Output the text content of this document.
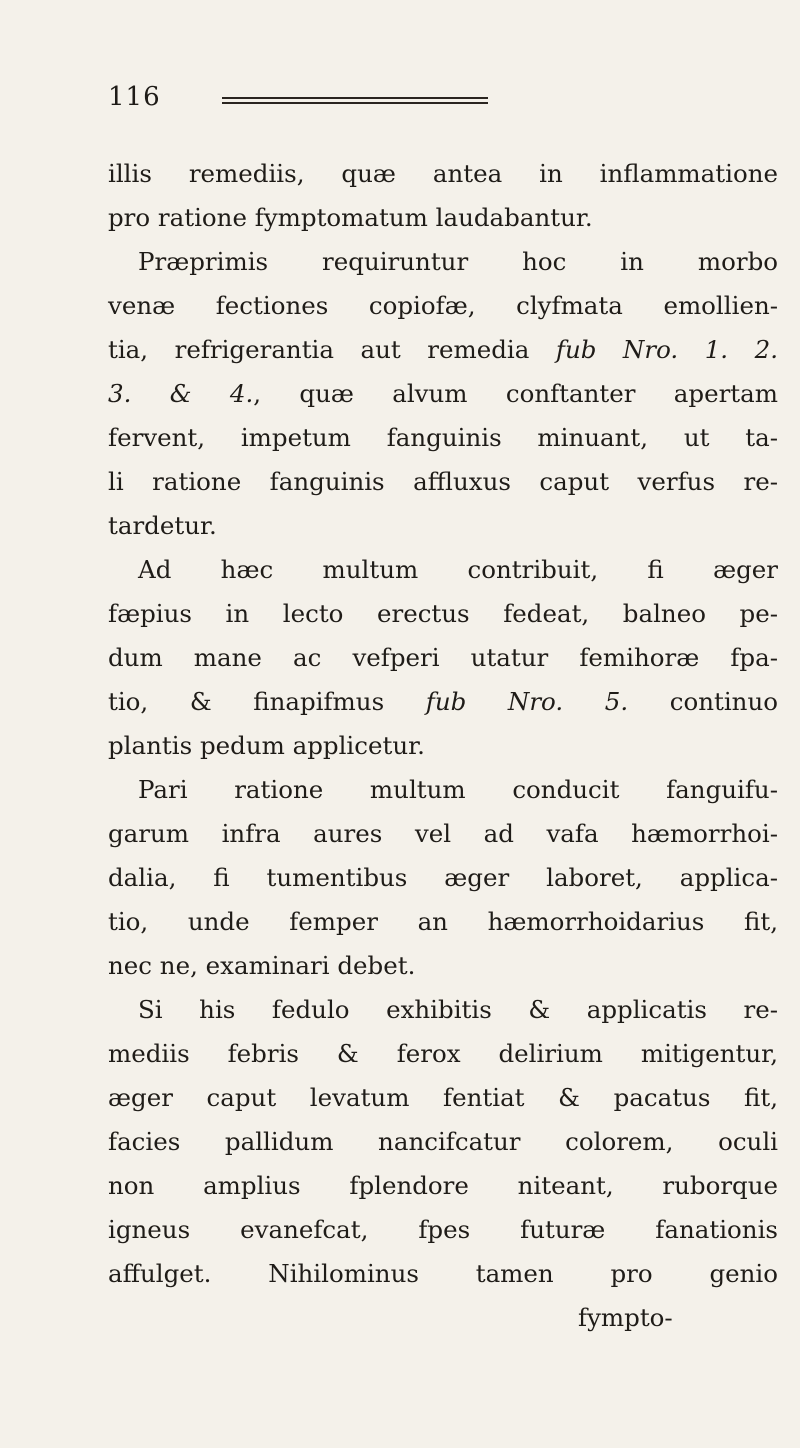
116
illis remediis, quæ antea in inflammatione
pro ratione fymptomatum laudabantur.
Præprimis requiruntur hoc in morbo
venæ fectiones copiofæ, clyfmata emollien-
tia, refrigerantia aut remedia fub Nro. 1. 2.
3. & 4., quæ alvum conftanter apertam
fervent, impetum fanguinis minuant, ut ta-
li ratione fanguinis affluxus caput verfus re-
tardetur.
Ad hæc multum contribuit, fi æger
fæpius in lecto erectus fedeat, balneo pe-
dum mane ac vefperi utatur femihoræ fpa-
tio, & finapifmus fub Nro. 5. continuo
plantis pedum applicetur.
Pari ratione multum conducit fanguifu-
garum infra aures vel ad vafa hæmorrhoi-
dalia, fi tumentibus æger laboret, applica-
tio, unde femper an hæmorrhoidarius fit,
nec ne, examinari debet.
Si his fedulo exhibitis & applicatis re-
mediis febris & ferox delirium mitigentur,
æger caput levatum fentiat & pacatus fit,
facies pallidum nancifcatur colorem, oculi
non amplius fplendore niteant, ruborque
igneus evanefcat, fpes futuræ fanationis
affulget. Nihilominus tamen pro genio
fympto-
